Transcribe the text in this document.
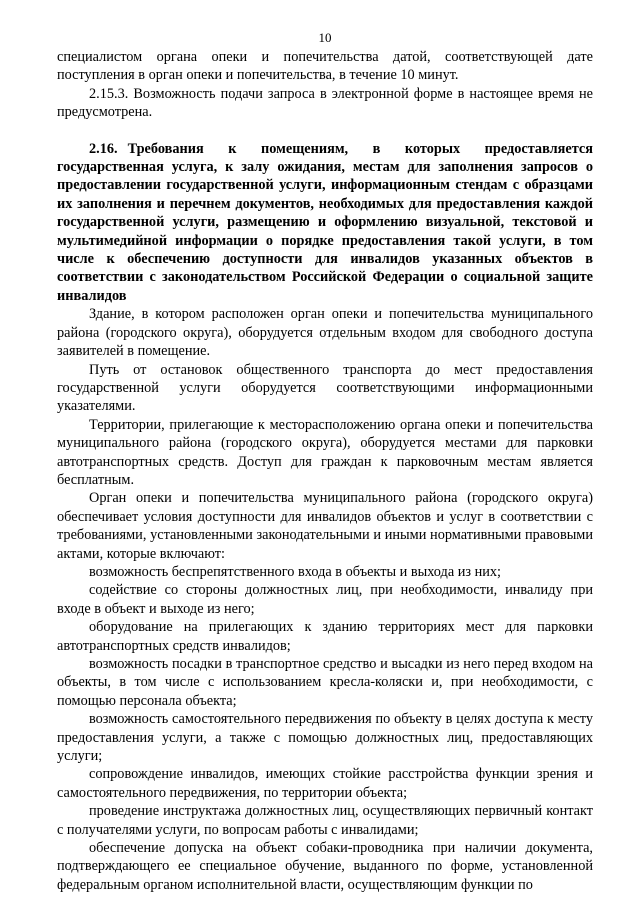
10

специалистом органа опеки и попечительства датой, соответствующей дате поступления в орган опеки и попечительства, в течение 10 минут.

2.15.3. Возможность подачи запроса в электронной форме в настоящее время не предусмотрена.

2.16. Требования к помещениям, в которых предоставляется государственная услуга, к залу ожидания, местам для заполнения запросов о предоставлении государственной услуги, информационным стендам с образцами их заполнения и перечнем документов, необходимых для предоставления каждой государственной услуги, размещению и оформлению визуальной, текстовой и мультимедийной информации о порядке предоставления такой услуги, в том числе к обеспечению доступности для инвалидов указанных объектов в соответствии с законодательством Российской Федерации о социальной защите инвалидов

Здание, в котором расположен орган опеки и попечительства муниципального района (городского округа), оборудуется отдельным входом для свободного доступа заявителей в помещение.

Путь от остановок общественного транспорта до мест предоставления государственной услуги оборудуется соответствующими информационными указателями.

Территории, прилегающие к месторасположению органа опеки и попечительства муниципального района (городского округа), оборудуется местами для парковки автотранспортных средств. Доступ для граждан к парковочным местам является бесплатным.

Орган опеки и попечительства муниципального района (городского округа) обеспечивает условия доступности для инвалидов объектов и услуг в соответствии с требованиями, установленными законодательными и иными нормативными правовыми актами, которые включают:

возможность беспрепятственного входа в объекты и выхода из них;

содействие со стороны должностных лиц, при необходимости, инвалиду при входе в объект и выходе из него;

оборудование на прилегающих к зданию территориях мест для парковки автотранспортных средств инвалидов;

возможность посадки в транспортное средство и высадки из него перед входом на объекты, в том числе с использованием кресла-коляски и, при необходимости, с помощью персонала объекта;

возможность самостоятельного передвижения по объекту в целях доступа к месту предоставления услуги, а также с помощью должностных лиц, предоставляющих услуги;

сопровождение инвалидов, имеющих стойкие расстройства функции зрения и самостоятельного передвижения, по территории объекта;

проведение инструктажа должностных лиц, осуществляющих первичный контакт с получателями услуги, по вопросам работы с инвалидами;

обеспечение допуска на объект собаки-проводника при наличии документа, подтверждающего ее специальное обучение, выданного по форме, установленной федеральным органом исполнительной власти, осуществляющим функции по
